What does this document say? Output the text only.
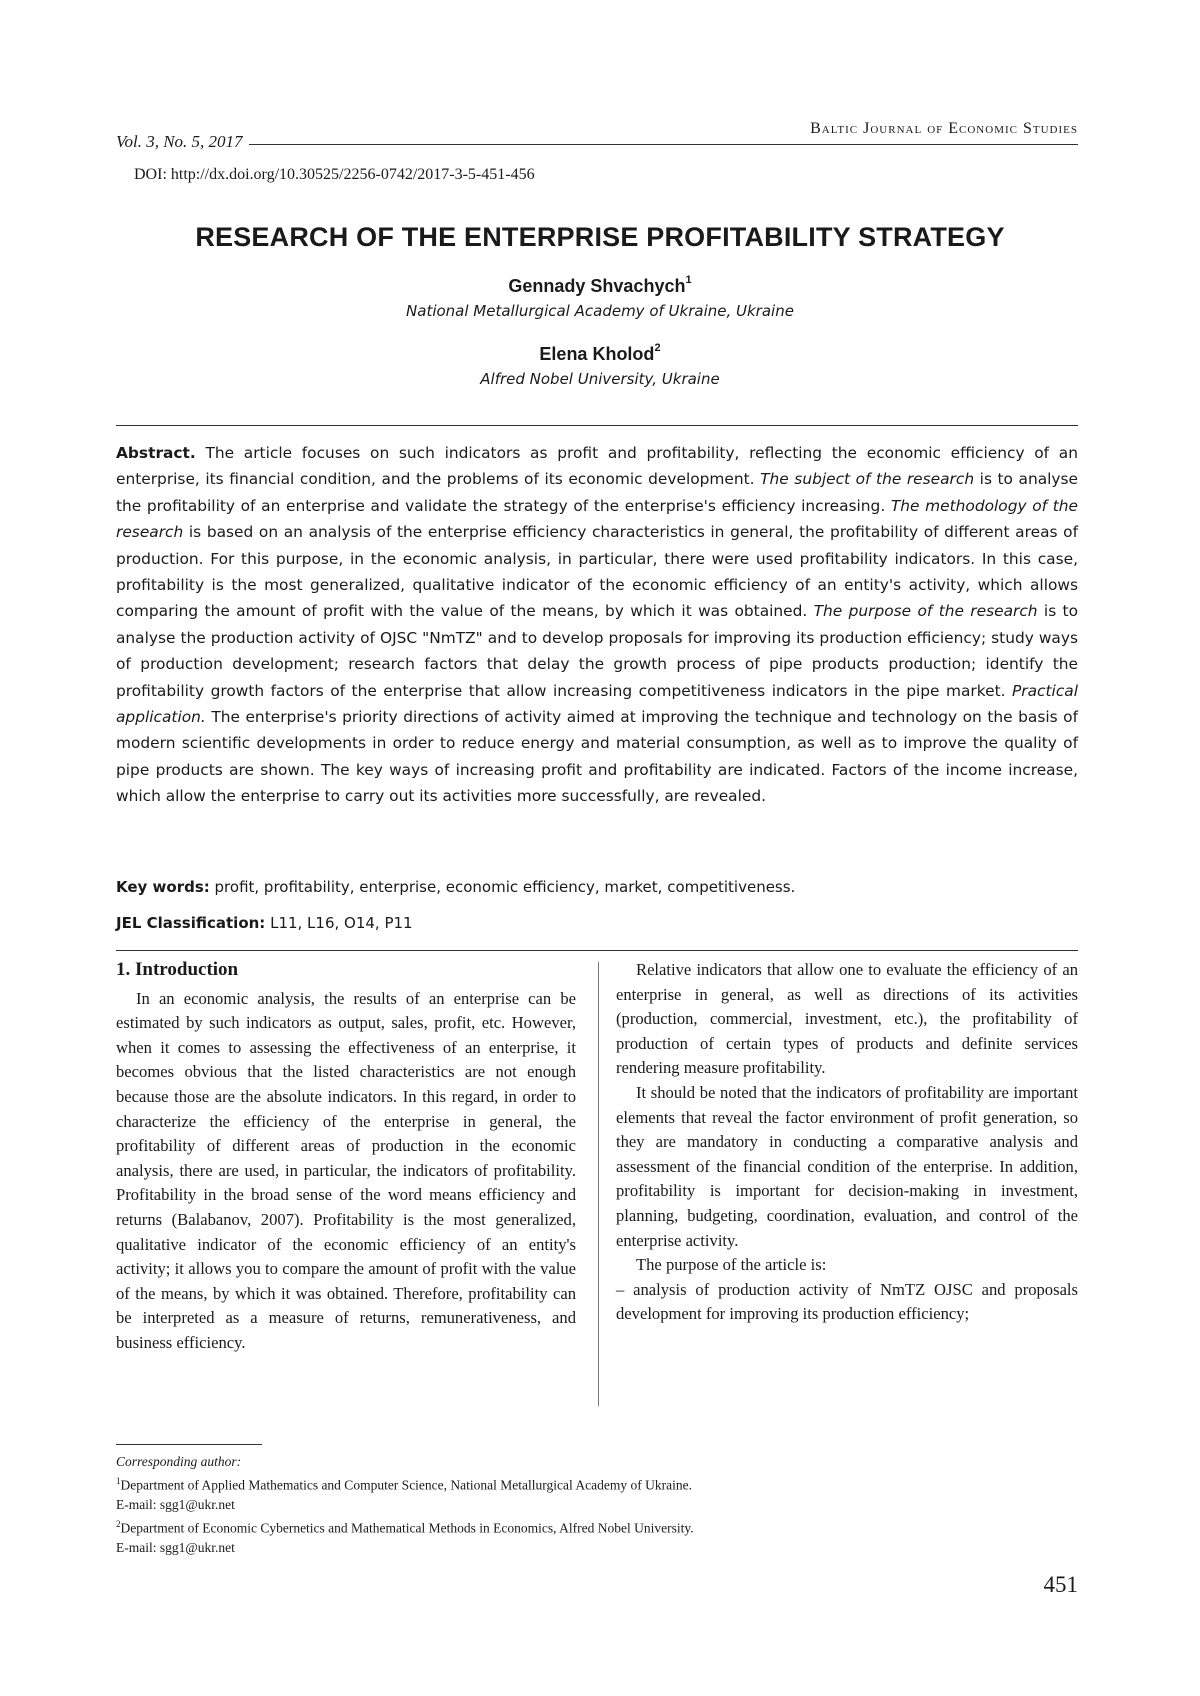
Baltic Journal of Economic Studies
Vol. 3, No. 5, 2017
DOI: http://dx.doi.org/10.30525/2256-0742/2017-3-5-451-456
RESEARCH OF THE ENTERPRISE PROFITABILITY STRATEGY
Gennady Shvachych$^1$
National Metallurgical Academy of Ukraine, Ukraine
Elena Kholod$^2$
Alfred Nobel University, Ukraine
Abstract. The article focuses on such indicators as profit and profitability, reflecting the economic efficiency of an enterprise, its financial condition, and the problems of its economic development. The subject of the research is to analyse the profitability of an enterprise and validate the strategy of the enterprise's efficiency increasing. The methodology of the research is based on an analysis of the enterprise efficiency characteristics in general, the profitability of different areas of production. For this purpose, in the economic analysis, in particular, there were used profitability indicators. In this case, profitability is the most generalized, qualitative indicator of the economic efficiency of an entity's activity, which allows comparing the amount of profit with the value of the means, by which it was obtained. The purpose of the research is to analyse the production activity of OJSC "NmTZ" and to develop proposals for improving its production efficiency; study ways of production development; research factors that delay the growth process of pipe products production; identify the profitability growth factors of the enterprise that allow increasing competitiveness indicators in the pipe market. Practical application. The enterprise's priority directions of activity aimed at improving the technique and technology on the basis of modern scientific developments in order to reduce energy and material consumption, as well as to improve the quality of pipe products are shown. The key ways of increasing profit and profitability are indicated. Factors of the income increase, which allow the enterprise to carry out its activities more successfully, are revealed.
Key words: profit, profitability, enterprise, economic efficiency, market, competitiveness.
JEL Classification: L11, L16, O14, P11
1. Introduction

In an economic analysis, the results of an enterprise can be estimated by such indicators as output, sales, profit, etc. However, when it comes to assessing the effectiveness of an enterprise, it becomes obvious that the listed characteristics are not enough because those are the absolute indicators. In this regard, in order to characterize the efficiency of the enterprise in general, the profitability of different areas of production in the economic analysis, there are used, in particular, the indicators of profitability. Profitability in the broad sense of the word means efficiency and returns (Balabanov, 2007). Profitability is the most generalized, qualitative indicator of the economic efficiency of an entity's activity; it allows you to compare the amount of profit with the value of the means, by which it was obtained. Therefore, profitability can be interpreted as a measure of returns, remunerativeness, and business efficiency.

Relative indicators that allow one to evaluate the efficiency of an enterprise in general, as well as directions of its activities (production, commercial, investment, etc.), the profitability of production of certain types of products and definite services rendering measure profitability.

It should be noted that the indicators of profitability are important elements that reveal the factor environment of profit generation, so they are mandatory in conducting a comparative analysis and assessment of the financial condition of the enterprise. In addition, profitability is important for decision-making in investment, planning, budgeting, coordination, evaluation, and control of the enterprise activity.

The purpose of the article is:

– analysis of production activity of NmTZ OJSC and proposals development for improving its production efficiency;

Corresponding author:
$^1$Department of Applied Mathematics and Computer Science, National Metallurgical Academy of Ukraine.
E-mail: sgg1@ukr.net
$^2$Department of Economic Cybernetics and Mathematical Methods in Economics, Alfred Nobel University.
E-mail: sgg1@ukr.net
451
